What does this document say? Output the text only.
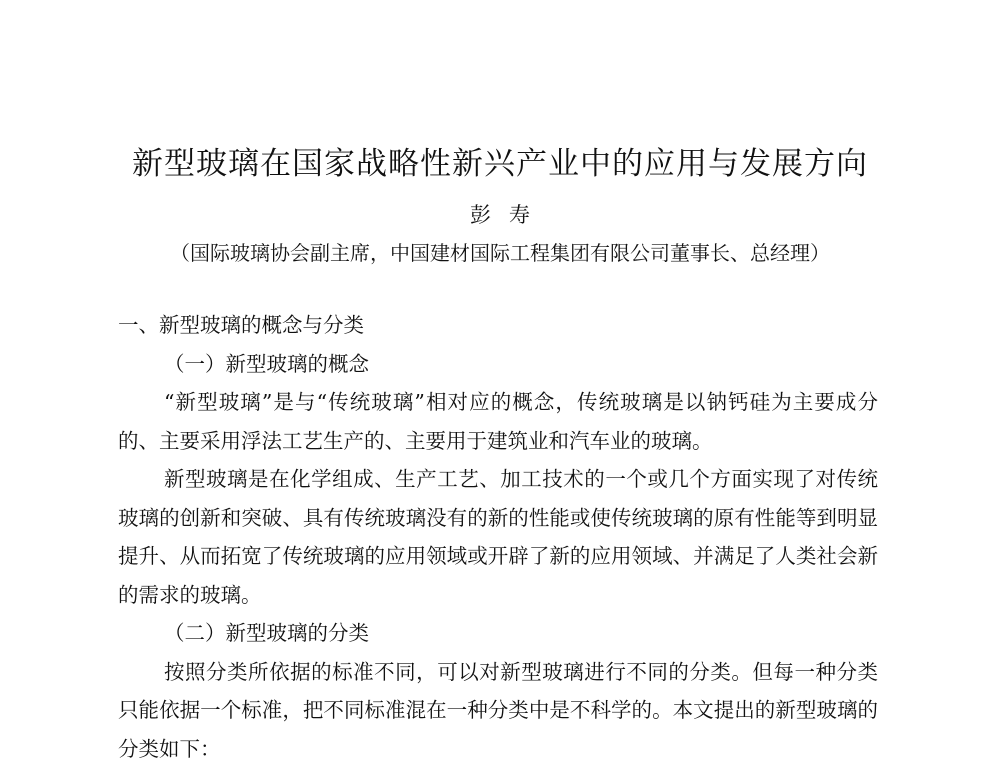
新型玻璃在国家战略性新兴产业中的应用与发展方向
彭寿
（国际玻璃协会副主席，中国建材国际工程集团有限公司董事长、总经理）

一、新型玻璃的概念与分类

（一）新型玻璃的概念

“新型玻璃”是与“传统玻璃”相对应的概念，传统玻璃是以钠钙硅为主要成分的、主要采用浮法工艺生产的、主要用于建筑业和汽车业的玻璃。

新型玻璃是在化学组成、生产工艺、加工技术的一个或几个方面实现了对传统玻璃的创新和突破、具有传统玻璃没有的新的性能或使传统玻璃的原有性能等到明显提升、从而拓宽了传统玻璃的应用领域或开辟了新的应用领域、并满足了人类社会新的需求的玻璃。

（二）新型玻璃的分类

按照分类所依据的标准不同，可以对新型玻璃进行不同的分类。但每一种分类只能依据一个标准，把不同标准混在一种分类中是不科学的。本文提出的新型玻璃的分类如下：
